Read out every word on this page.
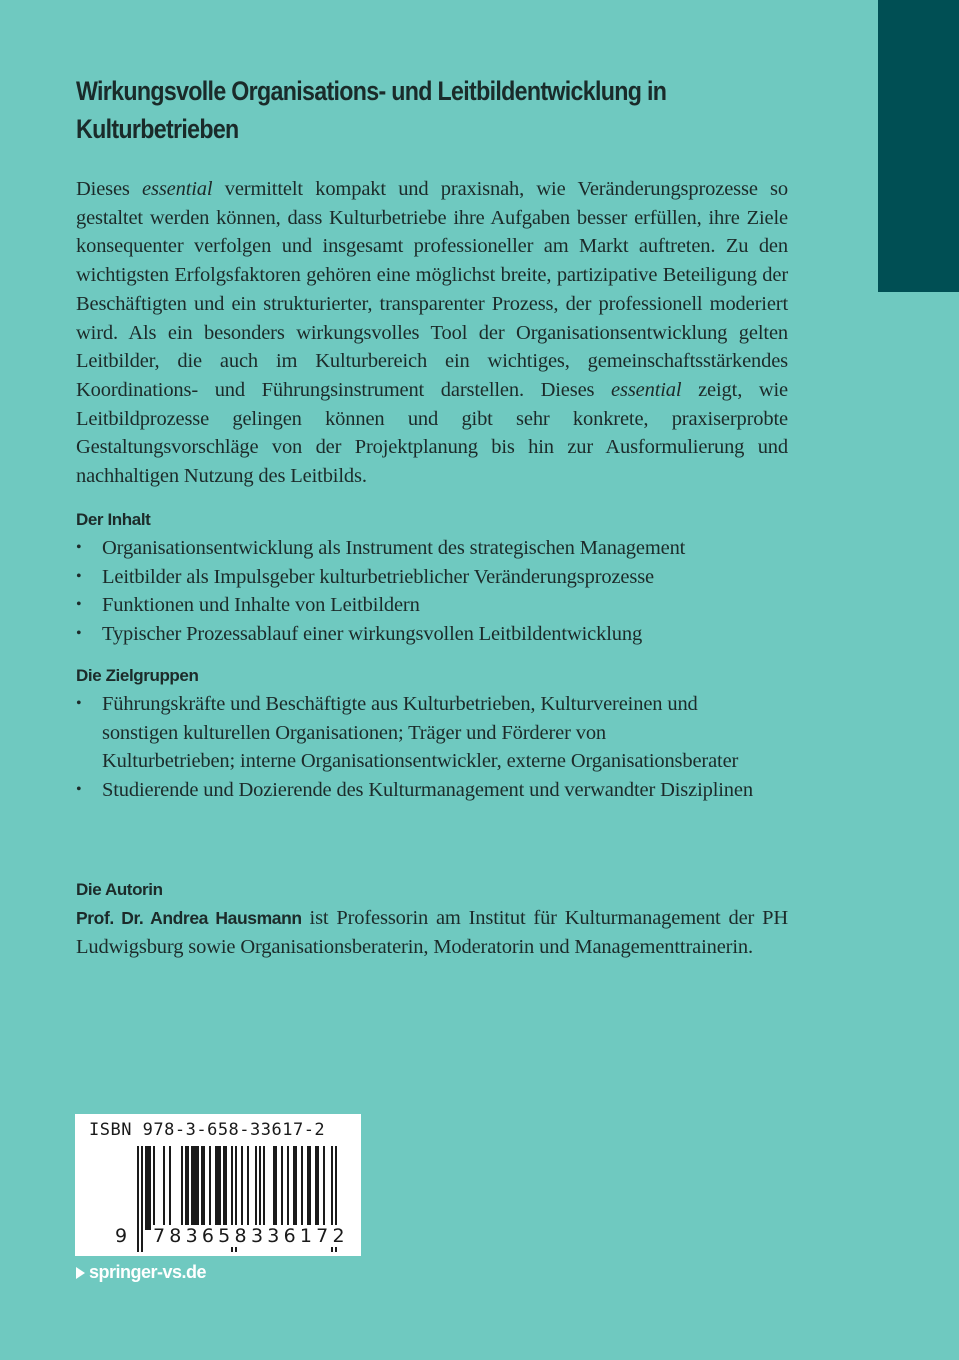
Wirkungsvolle Organisations- und Leitbildentwicklung in Kulturbetrieben

Dieses essential vermittelt kompakt und praxisnah, wie Veränderungsprozesse so gestaltet werden können, dass Kulturbetriebe ihre Aufgaben besser erfüllen, ihre Ziele konsequenter verfolgen und insgesamt professioneller am Markt auftreten. Zu den wichtigsten Erfolgsfaktoren gehören eine möglichst breite, partizipative Beteiligung der Beschäftigten und ein strukturierter, transparenter Prozess, der professionell moderiert wird. Als ein besonders wirkungsvolles Tool der Organisationsentwicklung gelten Leitbilder, die auch im Kulturbereich ein wichtiges, gemeinschaftsstärkendes Koordinations- und Führungsinstrument darstellen. Dieses essential zeigt, wie Leitbildprozesse gelingen können und gibt sehr konkrete, praxiserprobte Gestaltungsvorschläge von der Projektplanung bis hin zur Ausformulierung und nachhaltigen Nutzung des Leitbilds.

Der Inhalt
•	Organisationsentwicklung als Instrument des strategischen Management
•	Leitbilder als Impulsgeber kulturbetrieblicher Veränderungsprozesse
•	Funktionen und Inhalte von Leitbildern
•	Typischer Prozessablauf einer wirkungsvollen Leitbildentwicklung
Die Zielgruppen
•	Führungskräfte und Beschäftigte aus Kulturbetrieben, Kulturvereinen und sonstigen kulturellen Organisationen; Träger und Förderer von Kulturbetrieben; interne Organisationsentwickler, externe Organisationsberater
•	Studierende und Dozierende des Kulturmanagement und verwandter Disziplinen
Die Autorin
Prof. Dr. Andrea Hausmann ist Professorin am Institut für Kulturmanagement der PH Ludwigsburg sowie Organisationsberaterin, Moderatorin und Managementtrainerin.
ISBN 978-3-658-33617-2
9 783658 336172
springer-vs.de
